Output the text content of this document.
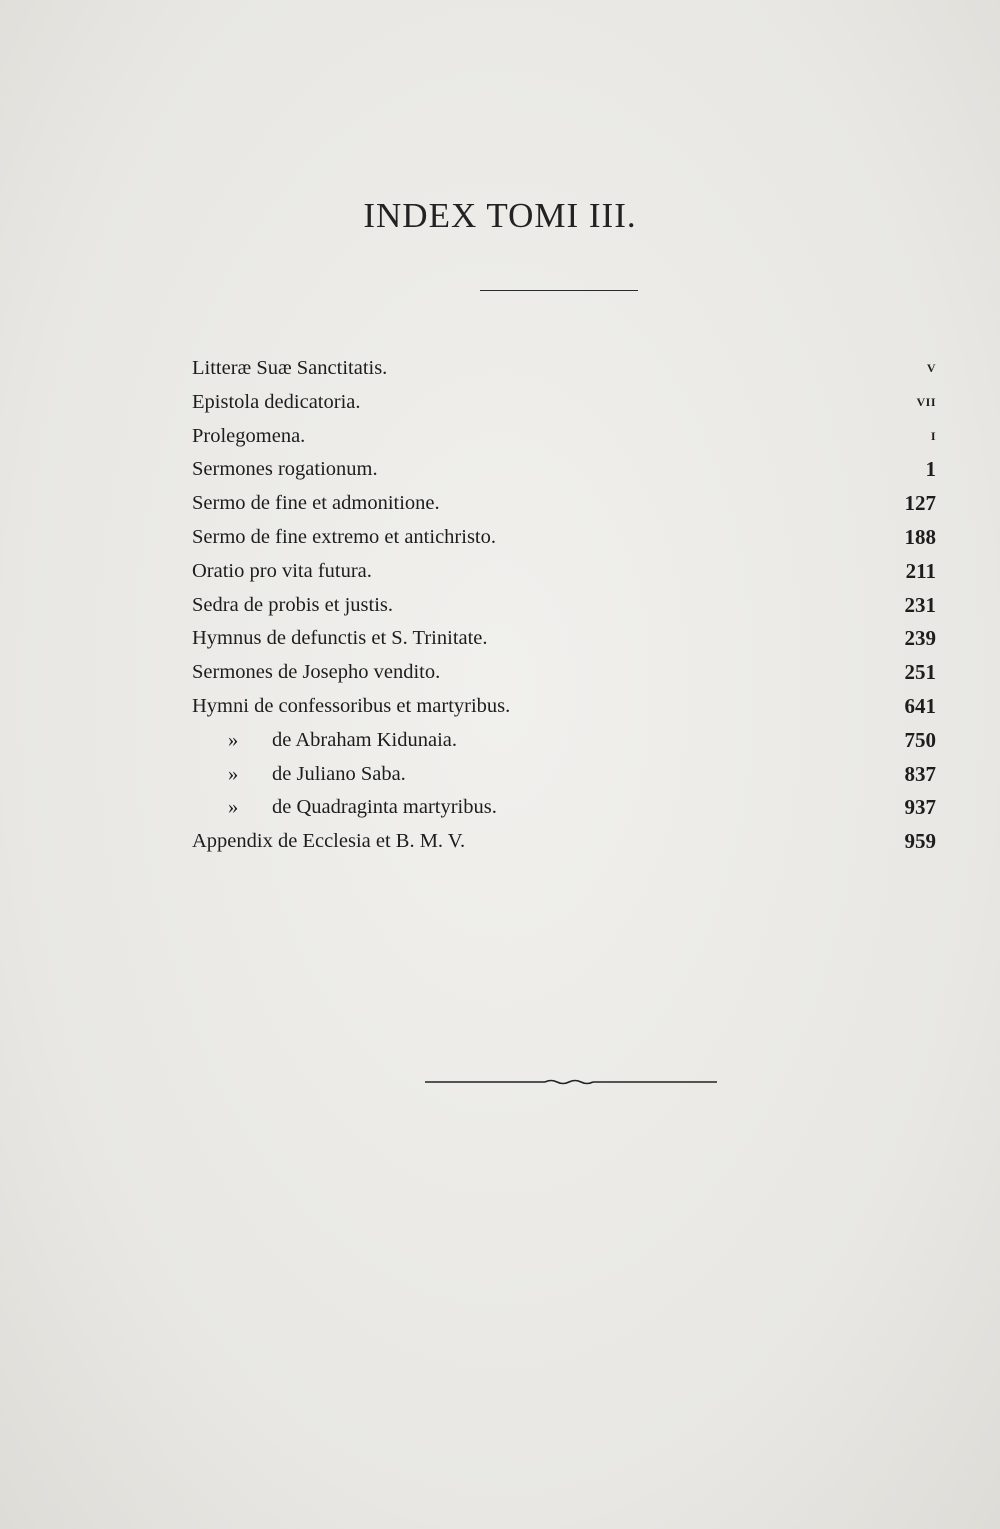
INDEX TOMI III.
Litteræ Suæ Sanctitatis.	V
Epistola dedicatoria.	VII
Prolegomena.	I
Sermones rogationum.	1
Sermo de fine et admonitione.	127
Sermo de fine extremo et antichristo.	188
Oratio pro vita futura.	211
Sedra de probis et justis.	231
Hymnus de defunctis et S. Trinitate.	239
Sermones de Josepho vendito.	251
Hymni de confessoribus et martyribus.	641
» de Abraham Kidunaia.	750
» de Juliano Saba.	837
» de Quadraginta martyribus.	937
Appendix de Ecclesia et B. M. V.	959
